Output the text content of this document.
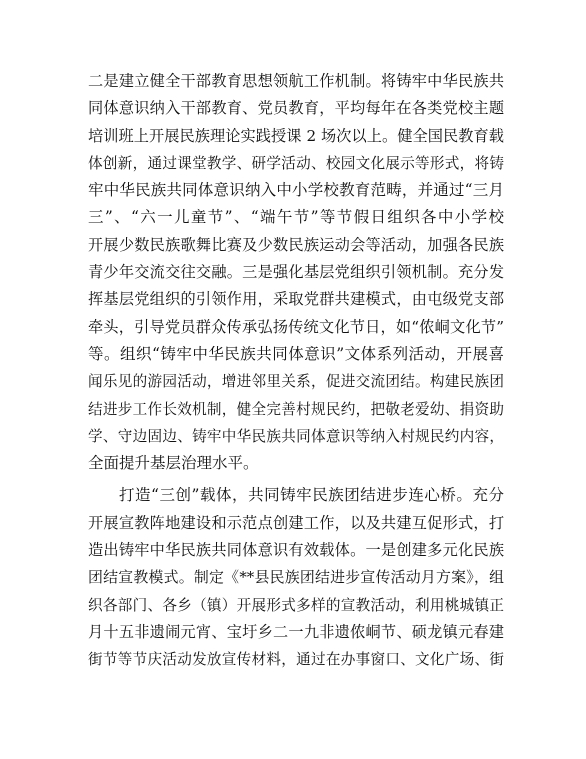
二是建立健全干部教育思想领航工作机制。将铸牢中华民族共
同体意识纳入干部教育、党员教育，平均每年在各类党校主题
培训班上开展民族理论实践授课 2 场次以上。健全国民教育载
体创新，通过课堂教学、研学活动、校园文化展示等形式，将铸
牢中华民族共同体意识纳入中小学校教育范畴，并通过“三月
三”、“六一儿童节”、“端午节”等节假日组织各中小学校
开展少数民族歌舞比赛及少数民族运动会等活动，加强各民族
青少年交流交往交融。三是强化基层党组织引领机制。充分发
挥基层党组织的引领作用，采取党群共建模式，由屯级党支部
牵头，引导党员群众传承弘扬传统文化节日，如“侬峒文化节”
等。组织“铸牢中华民族共同体意识”文体系列活动，开展喜
闻乐见的游园活动，增进邻里关系，促进交流团结。构建民族团
结进步工作长效机制，健全完善村规民约，把敬老爱幼、捐资助
学、守边固边、铸牢中华民族共同体意识等纳入村规民约内容，
全面提升基层治理水平。
打造“三创”载体，共同铸牢民族团结进步连心桥。充分
开展宣教阵地建设和示范点创建工作，以及共建互促形式，打
造出铸牢中华民族共同体意识有效载体。一是创建多元化民族
团结宣教模式。制定《**县民族团结进步宣传活动月方案》，组
织各部门、各乡（镇）开展形式多样的宣教活动，利用桃城镇正
月十五非遗闹元宵、宝圩乡二一九非遗侬峒节、硕龙镇元春建
街节等节庆活动发放宣传材料，通过在办事窗口、文化广场、街
